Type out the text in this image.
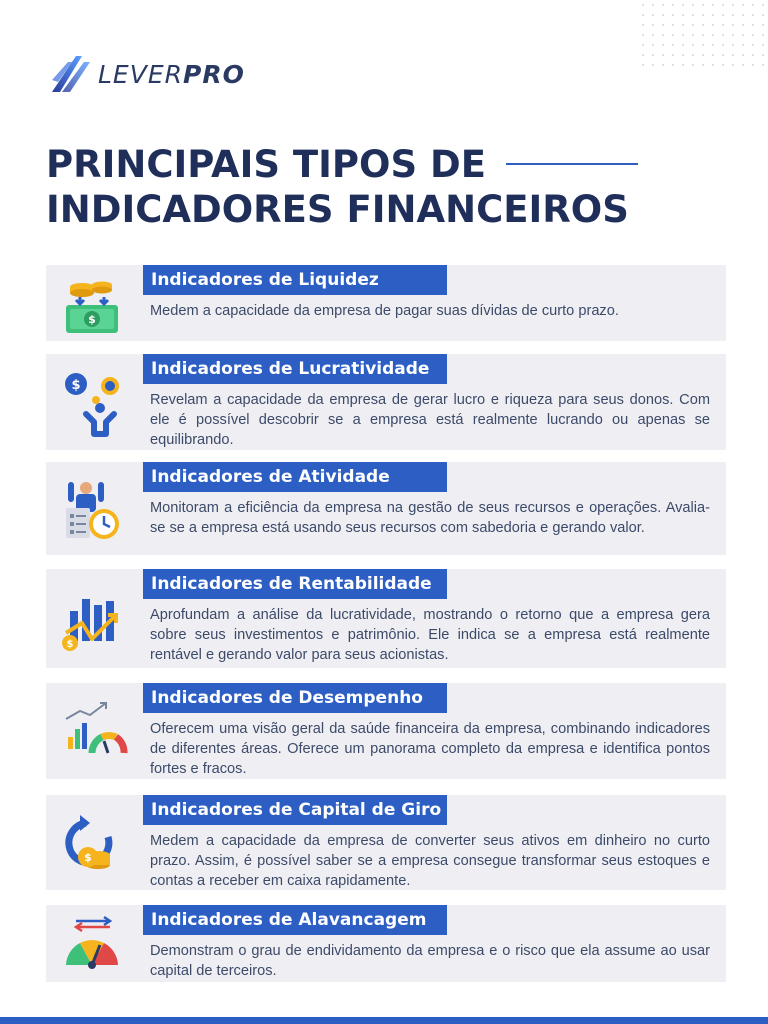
LEVERPRO
PRINCIPAIS TIPOS DE
INDICADORES FINANCEIROS
$
Indicadores de Liquidez
Medem a capacidade da empresa de pagar suas dívidas de curto prazo.
$
Indicadores de Lucratividade
Revelam a capacidade da empresa de gerar lucro e riqueza para seus donos. Com ele é possível descobrir se a empresa está realmente lucrando ou apenas se equilibrando.
Indicadores de Atividade
Monitoram a eficiência da empresa na gestão de seus recursos e operações. Avalia-se se a empresa está usando seus recursos com sabedoria e gerando valor.
$
Indicadores de Rentabilidade
Aprofundam a análise da lucratividade, mostrando o retorno que a empresa gera sobre seus investimentos e patrimônio. Ele indica se a empresa está realmente rentável e gerando valor para seus acionistas.
Indicadores de Desempenho
Oferecem uma visão geral da saúde financeira da empresa, combinando indicadores de diferentes áreas. Oferece um panorama completo da empresa e identifica pontos fortes e fracos.
$
Indicadores de Capital de Giro
Medem a capacidade da empresa de converter seus ativos em dinheiro no curto prazo. Assim, é possível saber se a empresa consegue transformar seus estoques e contas a receber em caixa rapidamente.
Indicadores de Alavancagem
Demonstram o grau de endividamento da empresa e o risco que ela assume ao usar capital de terceiros.
